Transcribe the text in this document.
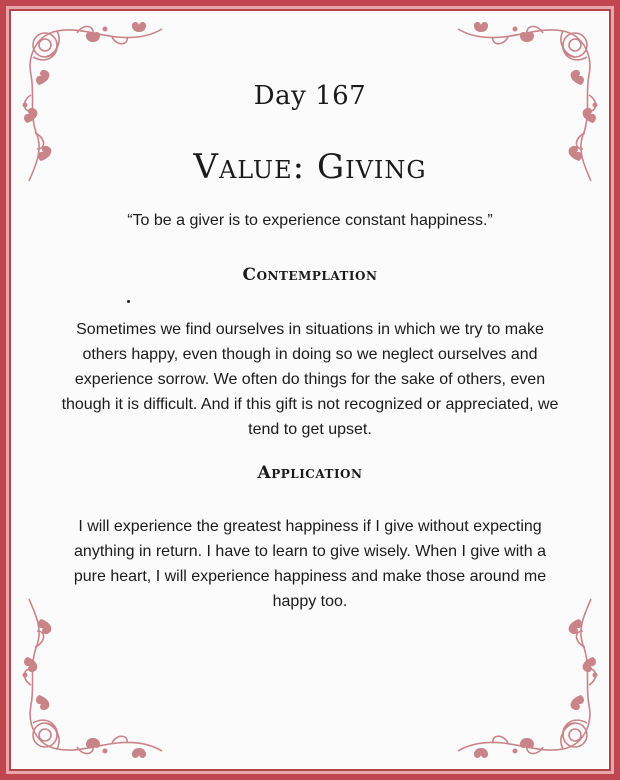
Day 167
Value: Giving
“To be a giver is to experience constant happiness.”
Contemplation
Sometimes we find ourselves in situations in which we try to make others happy, even though in doing so we neglect ourselves and experience sorrow. We often do things for the sake of others, even though it is difficult. And if this gift is not recognized or appreciated, we tend to get upset.
Application
I will experience the greatest happiness if I give without expecting anything in return. I have to learn to give wisely. When I give with a pure heart, I will experience happiness and make those around me happy too.
